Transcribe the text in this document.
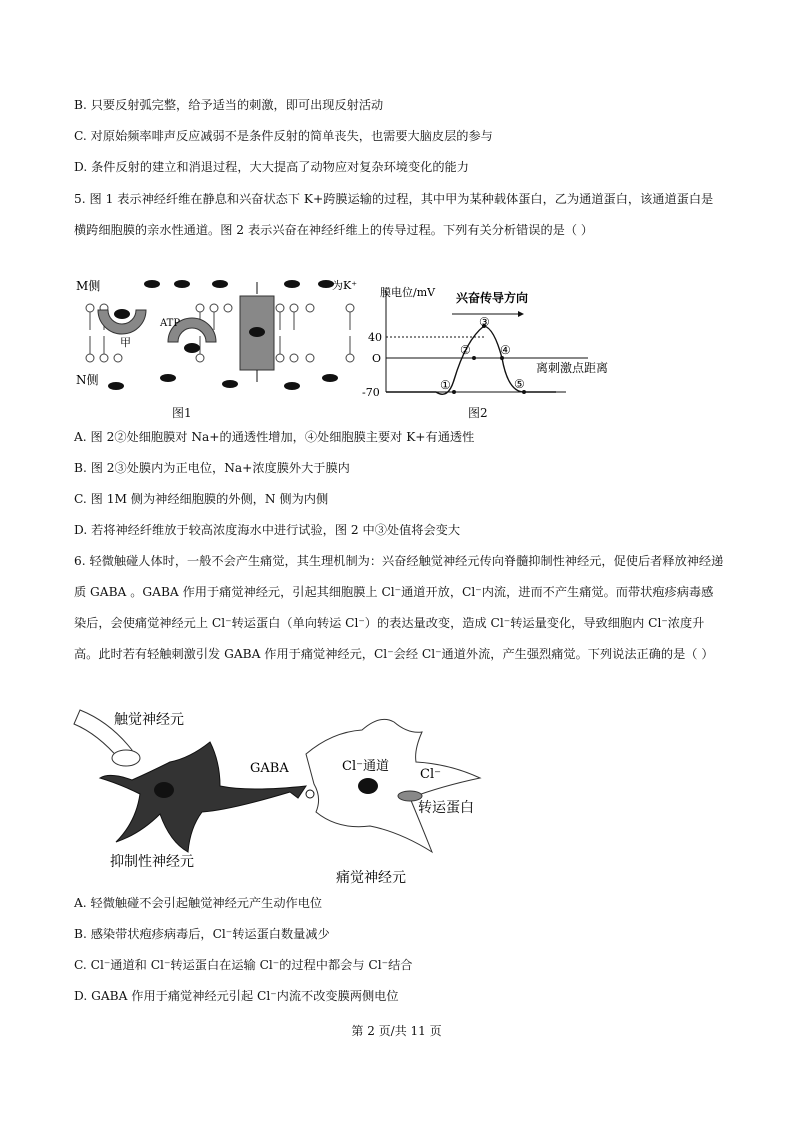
B. 只要反射弧完整，给予适当的刺激，即可出现反射活动
C. 对原始频率啡声反应减弱不是条件反射的简单丧失，也需要大脑皮层的参与
D. 条件反射的建立和消退过程，大大提高了动物应对复杂环境变化的能力
5. 图 1 表示神经纤维在静息和兴奋状态下 K+跨膜运输的过程，其中甲为某种载体蛋白，乙为通道蛋白，该通道蛋白是横跨细胞膜的亲水性通道。图 2 表示兴奋在神经纤维上的传导过程。下列有关分析错误的是（ ）
M侧
N侧
ATP
甲
为K⁺
图1
膜电位/mV 兴奋传导方向
40
O
-70
①
②
③
④
⑤
离刺激点距离
图2
A. 图 2②处细胞膜对 Na+的通透性增加，④处细胞膜主要对 K+有通透性
B. 图 2③处膜内为正电位，Na+浓度膜外大于膜内
C. 图 1M 侧为神经细胞膜的外侧，N 侧为内侧
D. 若将神经纤维放于较高浓度海水中进行试验，图 2 中③处值将会变大
6. 轻微触碰人体时，一般不会产生痛觉，其生理机制为：兴奋经触觉神经元传向脊髓抑制性神经元，促使后者释放神经递质 GABA 。GABA 作用于痛觉神经元，引起其细胞膜上 Cl⁻通道开放，Cl⁻内流，进而不产生痛觉。而带状疱疹病毒感染后，会使痛觉神经元上 Cl⁻转运蛋白（单向转运 Cl⁻）的表达量改变，造成 Cl⁻转运量变化，导致细胞内 Cl⁻浓度升高。此时若有轻触刺激引发 GABA 作用于痛觉神经元，Cl⁻会经 Cl⁻通道外流，产生强烈痛觉。下列说法正确的是（ ）
触觉神经元
GABA	Cl⁻通道
Cl⁻
转运蛋白
抑制性神经元
痛觉神经元
A. 轻微触碰不会引起触觉神经元产生动作电位
B. 感染带状疱疹病毒后，Cl⁻转运蛋白数量减少
C. Cl⁻通道和 Cl⁻转运蛋白在运输 Cl⁻的过程中都会与 Cl⁻结合
D. GABA 作用于痛觉神经元引起 Cl⁻内流不改变膜两侧电位
第 2 页/共 11 页
